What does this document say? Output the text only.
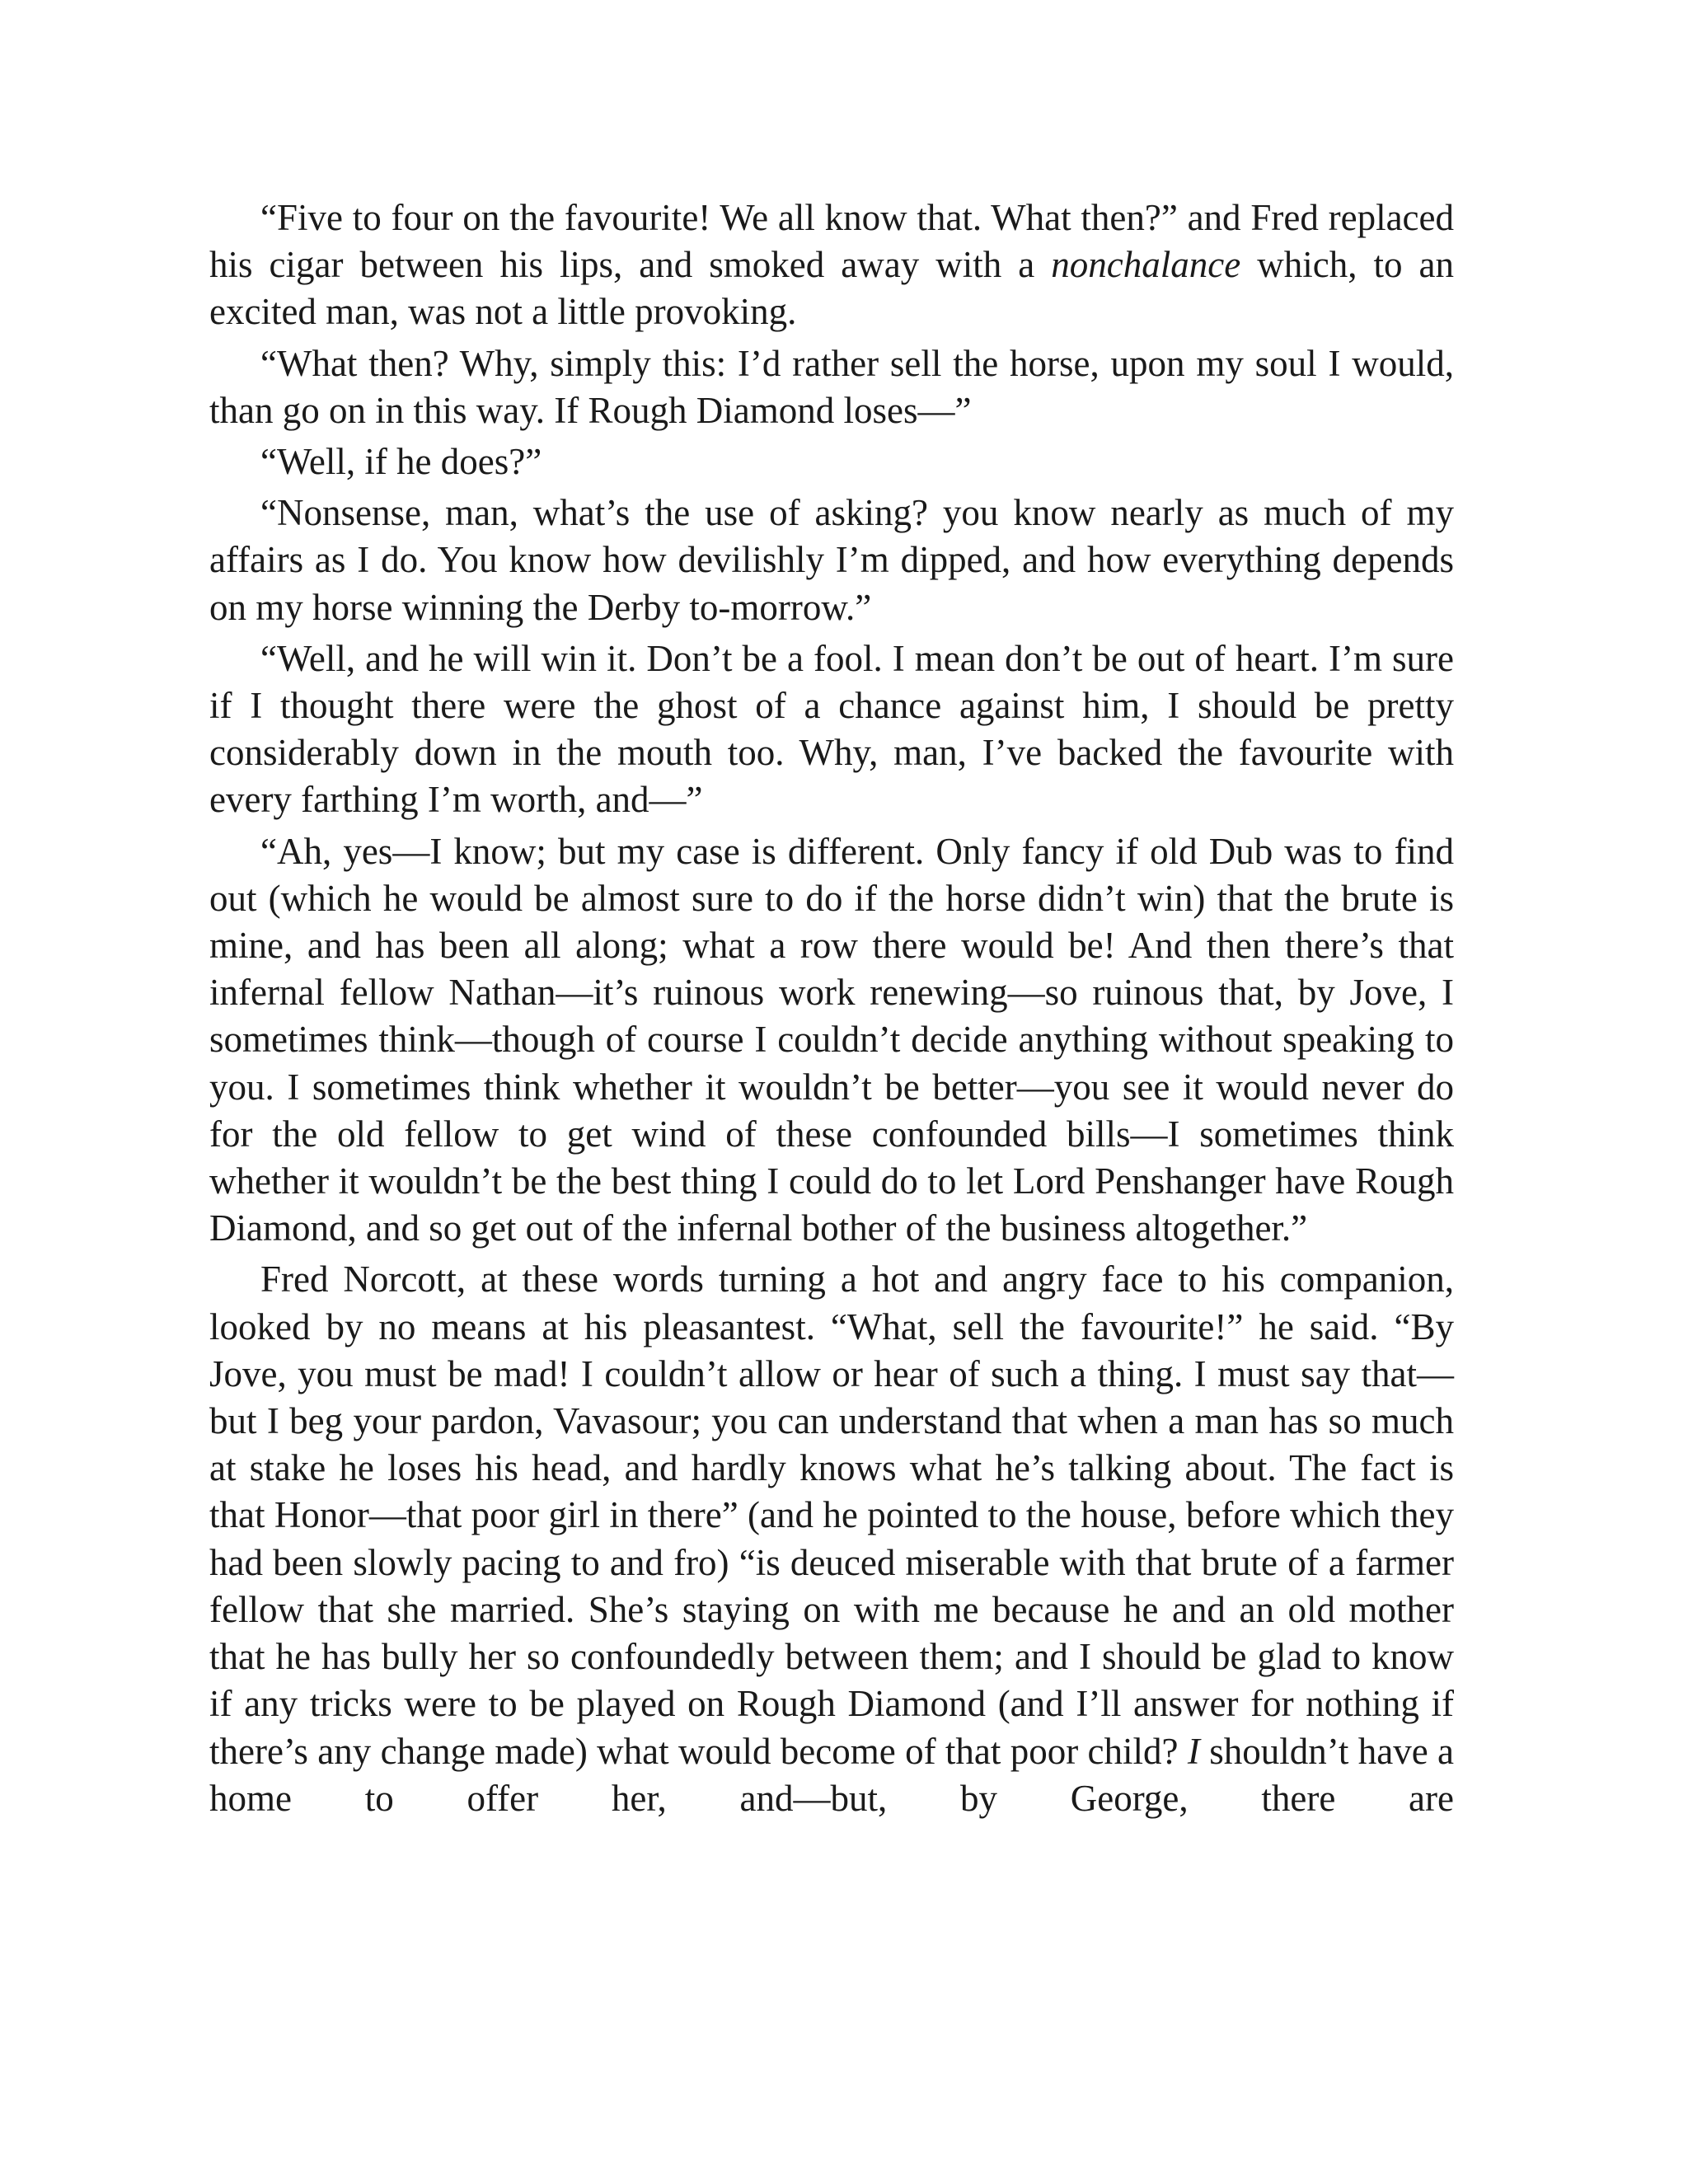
“Five to four on the favourite! We all know that. What then?” and Fred replaced his cigar between his lips, and smoked away with a nonchalance which, to an excited man, was not a little provoking.

“What then? Why, simply this: I’d rather sell the horse, upon my soul I would, than go on in this way. If Rough Diamond loses—”

“Well, if he does?”

“Nonsense, man, what’s the use of asking? you know nearly as much of my affairs as I do. You know how devilishly I’m dipped, and how everything depends on my horse winning the Derby to-morrow.”

“Well, and he will win it. Don’t be a fool. I mean don’t be out of heart. I’m sure if I thought there were the ghost of a chance against him, I should be pretty considerably down in the mouth too. Why, man, I’ve backed the favourite with every farthing I’m worth, and—”

“Ah, yes—I know; but my case is different. Only fancy if old Dub was to find out (which he would be almost sure to do if the horse didn’t win) that the brute is mine, and has been all along; what a row there would be! And then there’s that infernal fellow Nathan—it’s ruinous work renewing—so ruinous that, by Jove, I sometimes think—though of course I couldn’t decide anything without speaking to you. I sometimes think whether it wouldn’t be better—you see it would never do for the old fellow to get wind of these confounded bills—I sometimes think whether it wouldn’t be the best thing I could do to let Lord Penshanger have Rough Diamond, and so get out of the infernal bother of the business altogether.”

Fred Norcott, at these words turning a hot and angry face to his companion, looked by no means at his pleasantest. “What, sell the favourite!” he said. “By Jove, you must be mad! I couldn’t allow or hear of such a thing. I must say that—but I beg your pardon, Vavasour; you can understand that when a man has so much at stake he loses his head, and hardly knows what he’s talking about. The fact is that Honor—that poor girl in there” (and he pointed to the house, before which they had been slowly pacing to and fro) “is deuced miserable with that brute of a farmer fellow that she married. She’s staying on with me because he and an old mother that he has bully her so confoundedly between them; and I should be glad to know if any tricks were to be played on Rough Diamond (and I’ll answer for nothing if there’s any change made) what would become of that poor child? I shouldn’t have a home to offer her, and—but, by George, there are
